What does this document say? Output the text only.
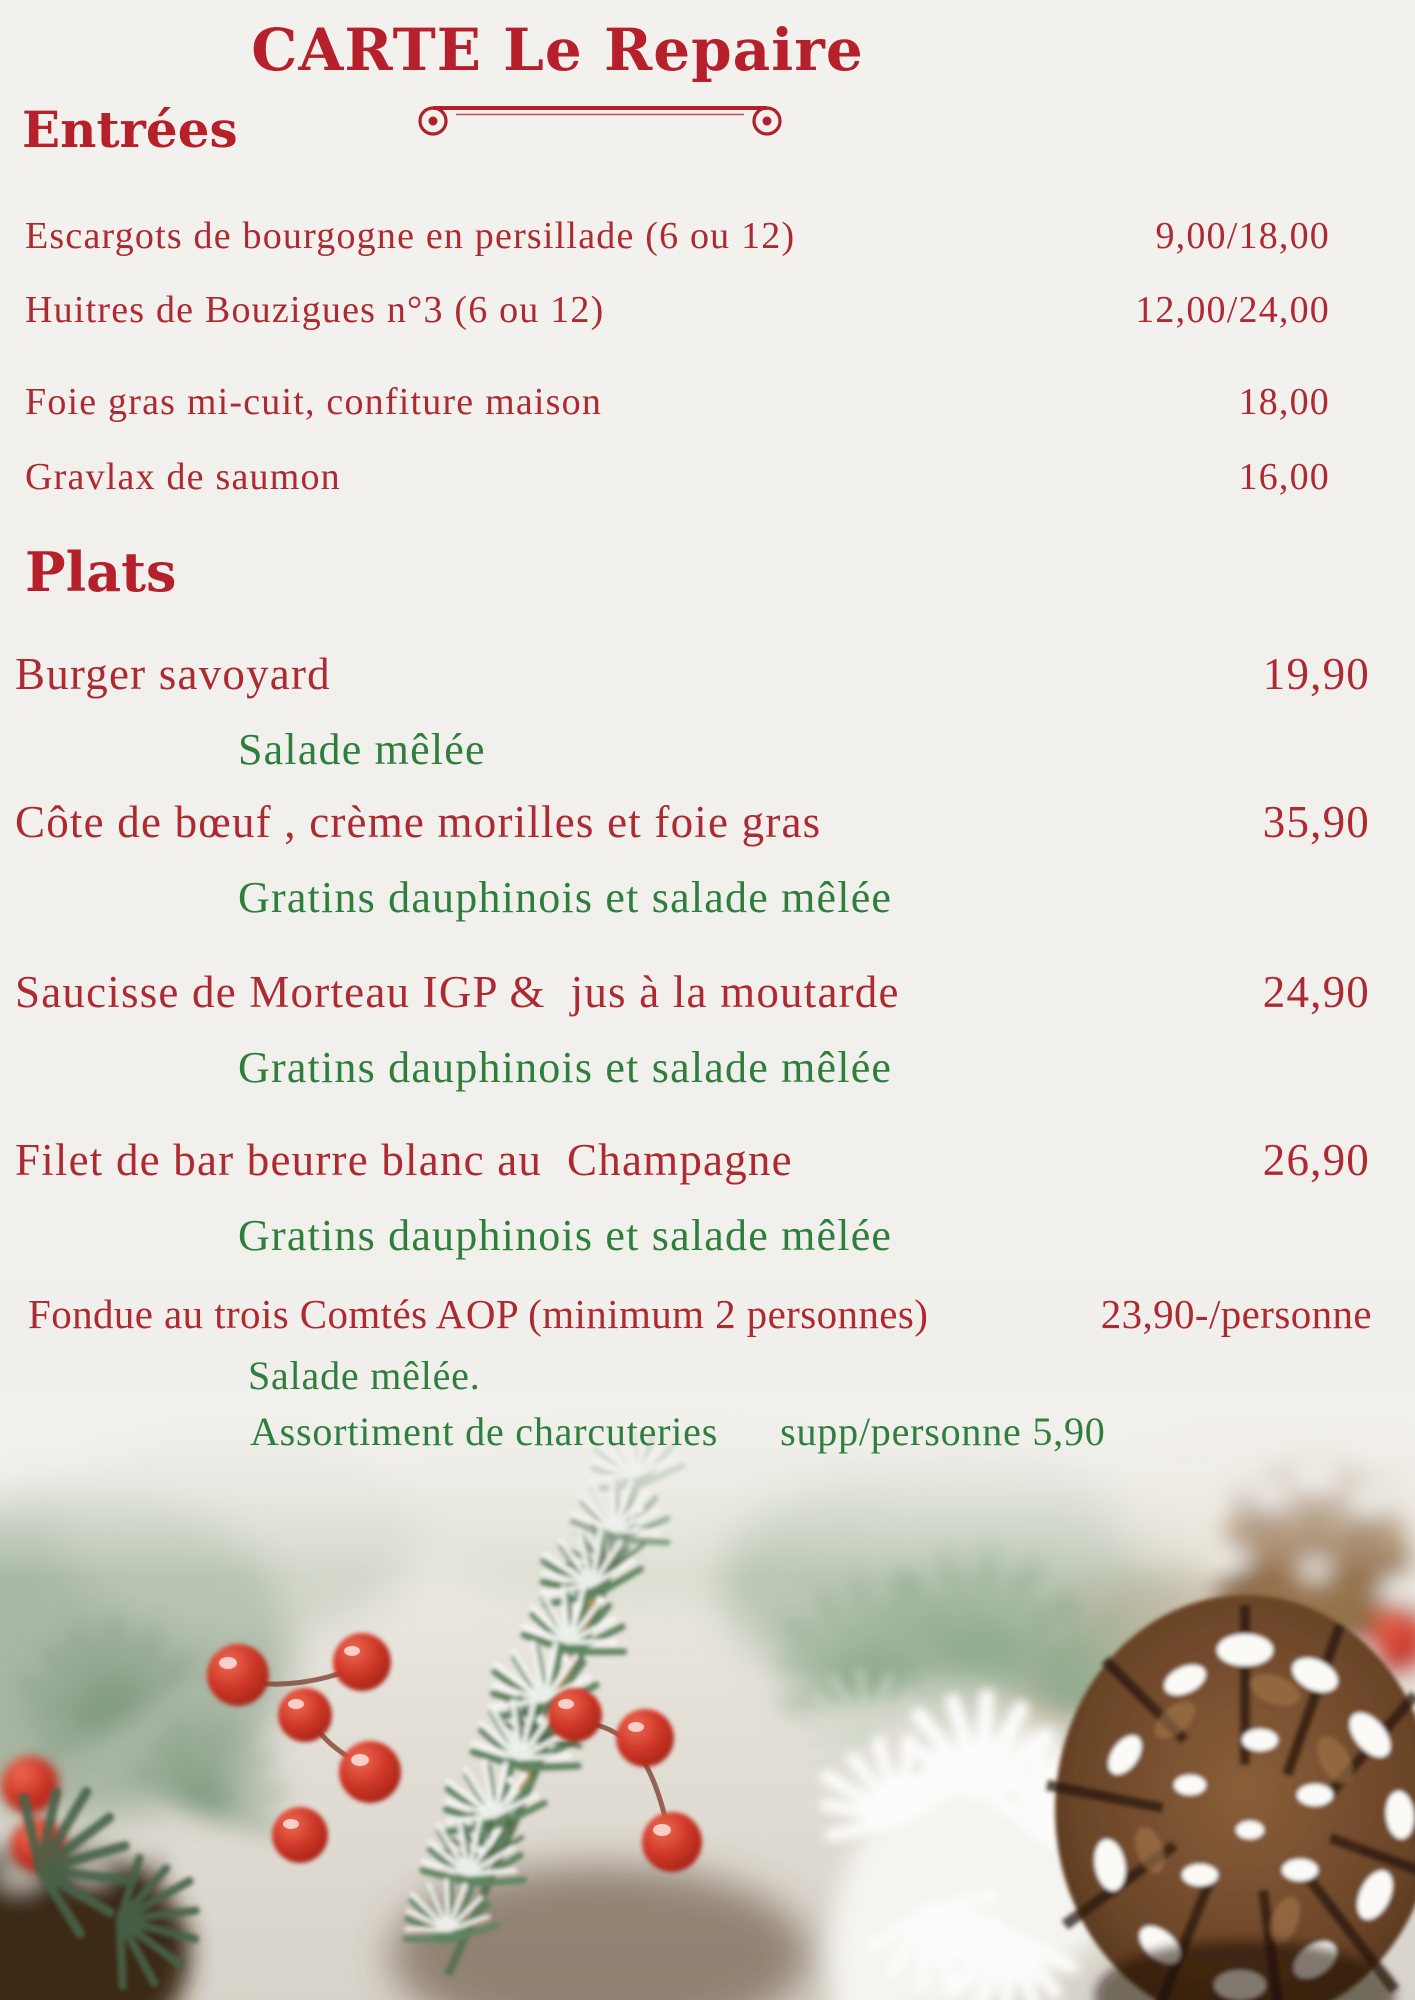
CARTE Le Repaire
Entrées
Escargots de bourgogne en persillade (6 ou 12)	9,00/18,00
Huitres de Bouzigues n°3 (6 ou 12)	12,00/24,00
Foie gras mi-cuit, confiture maison	18,00
Gravlax de saumon	16,00
Plats
Burger savoyard	19,90
Salade mêlée
Côte de bœuf , crème morilles et foie gras	35,90
Gratins dauphinois et salade mêlée
Saucisse de Morteau IGP &  jus à la moutarde	24,90
Gratins dauphinois et salade mêlée
Filet de bar beurre blanc au  Champagne	26,90
Gratins dauphinois et salade mêlée
Fondue au trois Comtés AOP (minimum 2 personnes)	23,90-/personne
Salade mêlée.
Assortiment de charcuteries supp/personne 5,90
